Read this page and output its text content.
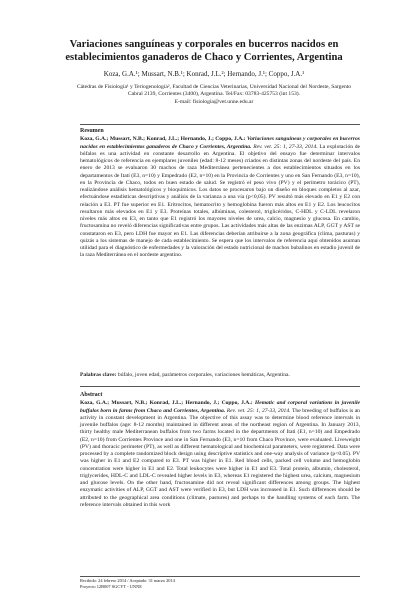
Variaciones sanguíneas y corporales en bucerros nacidos en establecimientos ganaderos de Chaco y Corrientes, Argentina
Koza, G.A.¹; Mussart, N.B.¹; Konrad, J.L.²; Hernando, J.¹; Coppo, J.A.¹
Cátedras de Fisiología¹ y Teriogenología², Facultad de Ciencias Veterinarias, Universidad Nacional del Nordeste, Sargento Cabral 2139, Corrientes (3400), Argentina. Tel/Fax: 03783-425753 (int 153).
E-mail: fisiologia@vet.unne.edu.ar
Resumen
Koza, G.A.; Mussart, N.B.; Konrad, J.L.; Hernando, J.; Coppo, J.A.: Variaciones sanguíneas y corporales en bucerros nacidos en establecimientos ganaderos de Chaco y Corrientes, Argentina. Rev. vet. 25: 1, 27-33, 2014. La explotación de búfalos es una actividad en constante desarrollo en Argentina. El objetivo del ensayo fue determinar intervalos hematológicos de referencia en ejemplares juveniles (edad: 8-12 meses) criados en distintas zonas del nordeste del país. En enero de 2013 se evaluaron 30 machos de raza Mediterránea pertenecientes a dos establecimientos situados en los departamentos de Itatí (E3, n=10) y Empedrado (E2, n=10) en la Provincia de Corrientes y uno en San Fernando (E3, n=10), en la Provincia de Chaco, todos en buen estado de salud. Se registró el peso vivo (PV) y el perímetro torácico (PT), realizándose análisis hematológicos y bioquímicos. Los datos se procesaron bajo un diseño en bloques completos al azar, efectuándose estadísticas descriptivas y análisis de la varianza a una vía (p<0,05). PV resultó más elevado en E1 y E2 con relación a E3. PT fue superior en E1. Eritrocitos, hematocrito y hemoglobina fueron más altos en E1 y E2. Los leucocitos resultaron más elevados en E1 y E3. Proteínas totales, albúminas, colesterol, triglicéridos, C-HDL y C-LDL revelaron niveles más altos en E3, en tanto que E1 registró los mayores niveles de urea, calcio, magnesio y glucosa. En cambio, fructosamina no reveló diferencias significativas entre grupos. Las actividades más altas de las enzimas ALP, GGT y AST se constataron en E3, pero LDH fue mayor en E1. Las diferencias deberían atribuirse a la zona geográfica (clima, pasturas) y quizás a los sistemas de manejo de cada establecimiento. Se espera que los intervalos de referencia aquí obtenidos asuman utilidad para el diagnóstico de enfermedades y la valoración del estado nutricional de machos bubalinos en estadio juvenil de la raza Mediterránea en el nordeste argentino.
Palabras clave: búfalo, joven edad, parámetros corporales, variaciones hemáticas, Argentina.
Abstract
Koza, G.A.; Mussart, N.B.; Konrad, J.L.; Hernando, J.; Coppo, J.A.: Hematic and corporal variations in juvenile buffalos born in farms from Chaco and Corrientes, Argentina. Rev. vet. 25: 1, 27-33, 2014. The breeding of buffalos is an activity in constant development in Argentina. The objective of this assay was to determine blood reference intervals in juvenile buffalos (age: 8-12 months) maintained in different areas of the northeast region of Argentina. In January 2013, thirty healthy male Mediterranean buffalos from two farms located in the departments of Itati (E1, n=10) and Empedrado (E2, n=10) from Corrientes Province and one in San Fernando (E3, n=10 from Chaco Province, were evaluated. Liveweight (PV) and thoracic perimeter (PT), as well as different hematological and biochemical parameters, were registered. Data were processed by a complete randomized block design using descriptive statistics and one-way analysis of variance (p<0.05). PV was higher in E1 and E2 compared to E3. PT was higher in E1. Red blood cells, packed cell volume and hemoglobin concentration were higher in E1 and E2. Total leukocytes were higher in E1 and E3. Total protein, albumin, cholesterol, triglycerides, HDL-C and LDL-C revealed higher levels in E3, whereas E1 registered the highest urea, calcium, magnesium and glucose levels. On the other hand, fructosamine did not reveal significant differences among groups. The highest enzymatic activities of ALP, GGT and AST were verified in E3, but LDH was increased in E1. Such differences should be attributed to the geographical area conditions (climate, pastures) and perhaps to the handling systems of each farm. The reference intervals obtained in this work
Recibido: 24 febrero 2014 / Aceptado: 31 marzo 2014
Proyecto 12B007 SGCYT - UNNE
